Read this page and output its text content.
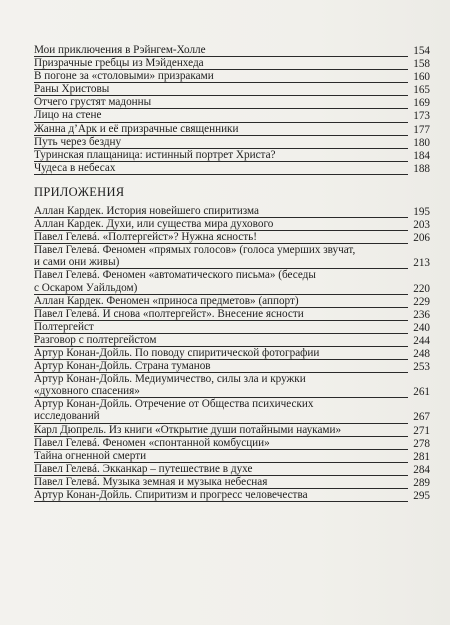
Мои приключения в Рэйнгем-Холле	154
Призрачные гребцы из Мэйденхеда	158
В погоне за «столовыми» призраками	160
Раны Христовы	165
Отчего грустят мадонны	169
Лицо на стене	173
Жанна д’Арк и её призрачные священники	177
Путь через бездну	180
Туринская плащаница: истинный портрет Христа?	184
Чудеса в небесах	188
ПРИЛОЖЕНИЯ
Аллан Кардек. История новейшего спиритизма	195
Аллан Кардек. Духи, или существа мира духового	203
Павел Гелевá. «Полтергейст»? Нужна ясность!	206
Павел Гелевá. Феномен «прямых голосов» (голоса умерших звучат,
и сами они живы)	213
Павел Гелевá. Феномен «автоматического письма» (беседы
с Оскаром Уайльдом)	220
Аллан Кардек. Феномен «приноса предметов» (аппорт)	229
Павел Гелевá. И снова «полтергейст». Внесение ясности	236
Полтергейст	240
Разговор с полтергейстом	244
Артур Конан-Дойль. По поводу спиритической фотографии	248
Артур Конан-Дойль. Страна туманов	253
Артур Конан-Дойль. Медиумичество, силы зла и кружки
«духовного спасения»	261
Артур Конан-Дойль. Отречение от Общества психических
исследований	267
Карл Дюпрель. Из книги «Открытие души потайными науками»	271
Павел Гелевá. Феномен «спонтанной комбусции»	278
Тайна огненной смерти	281
Павел Гелевá. Экканкар – путешествие в духе	284
Павел Гелевá. Музыка земная и музыка небесная	289
Артур Конан-Дойль. Спиритизм и прогресс человечества	295
